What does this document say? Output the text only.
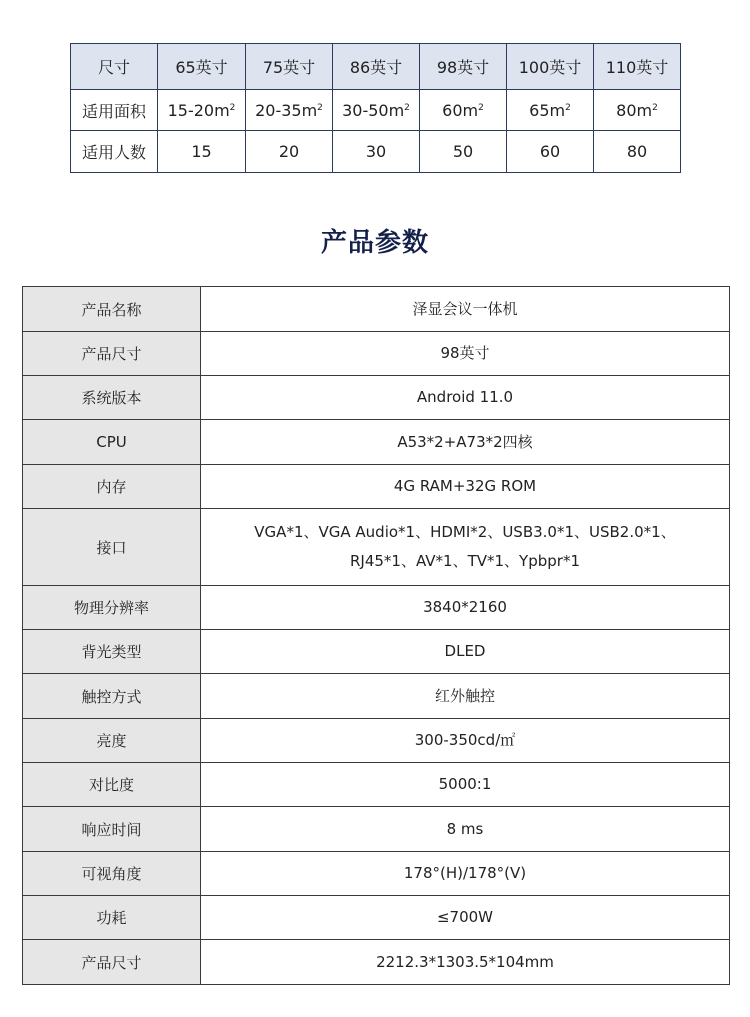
尺寸	65英寸	75英寸	86英寸	98英寸	100英寸	110英寸
适用面积	$15-20m^2$	$20-35m^2$	$30-50m^2$	$60m^2$	$65m^2$	$80m^2$
适用人数	15	20	30	50	60	80
产品参数
产品名称	泽显会议一体机
产品尺寸	98英寸
系统版本	Android 11.0
CPU	A53*2+A73*2四核
内存	4G RAM+32G ROM
接口	VGA*1、VGA Audio*1、HDMI*2、USB3.0*1、USB2.0*1、
RJ45*1、AV*1、TV*1、Ypbpr*1

物理分辨率	3840*2160
背光类型	DLED
触控方式	红外触控
亮度	300-350cd/㎡
对比度	5000:1
响应时间	8 ms
可视角度	178°(H)/178°(V)
功耗	≤700W
产品尺寸	2212.3*1303.5*104mm
